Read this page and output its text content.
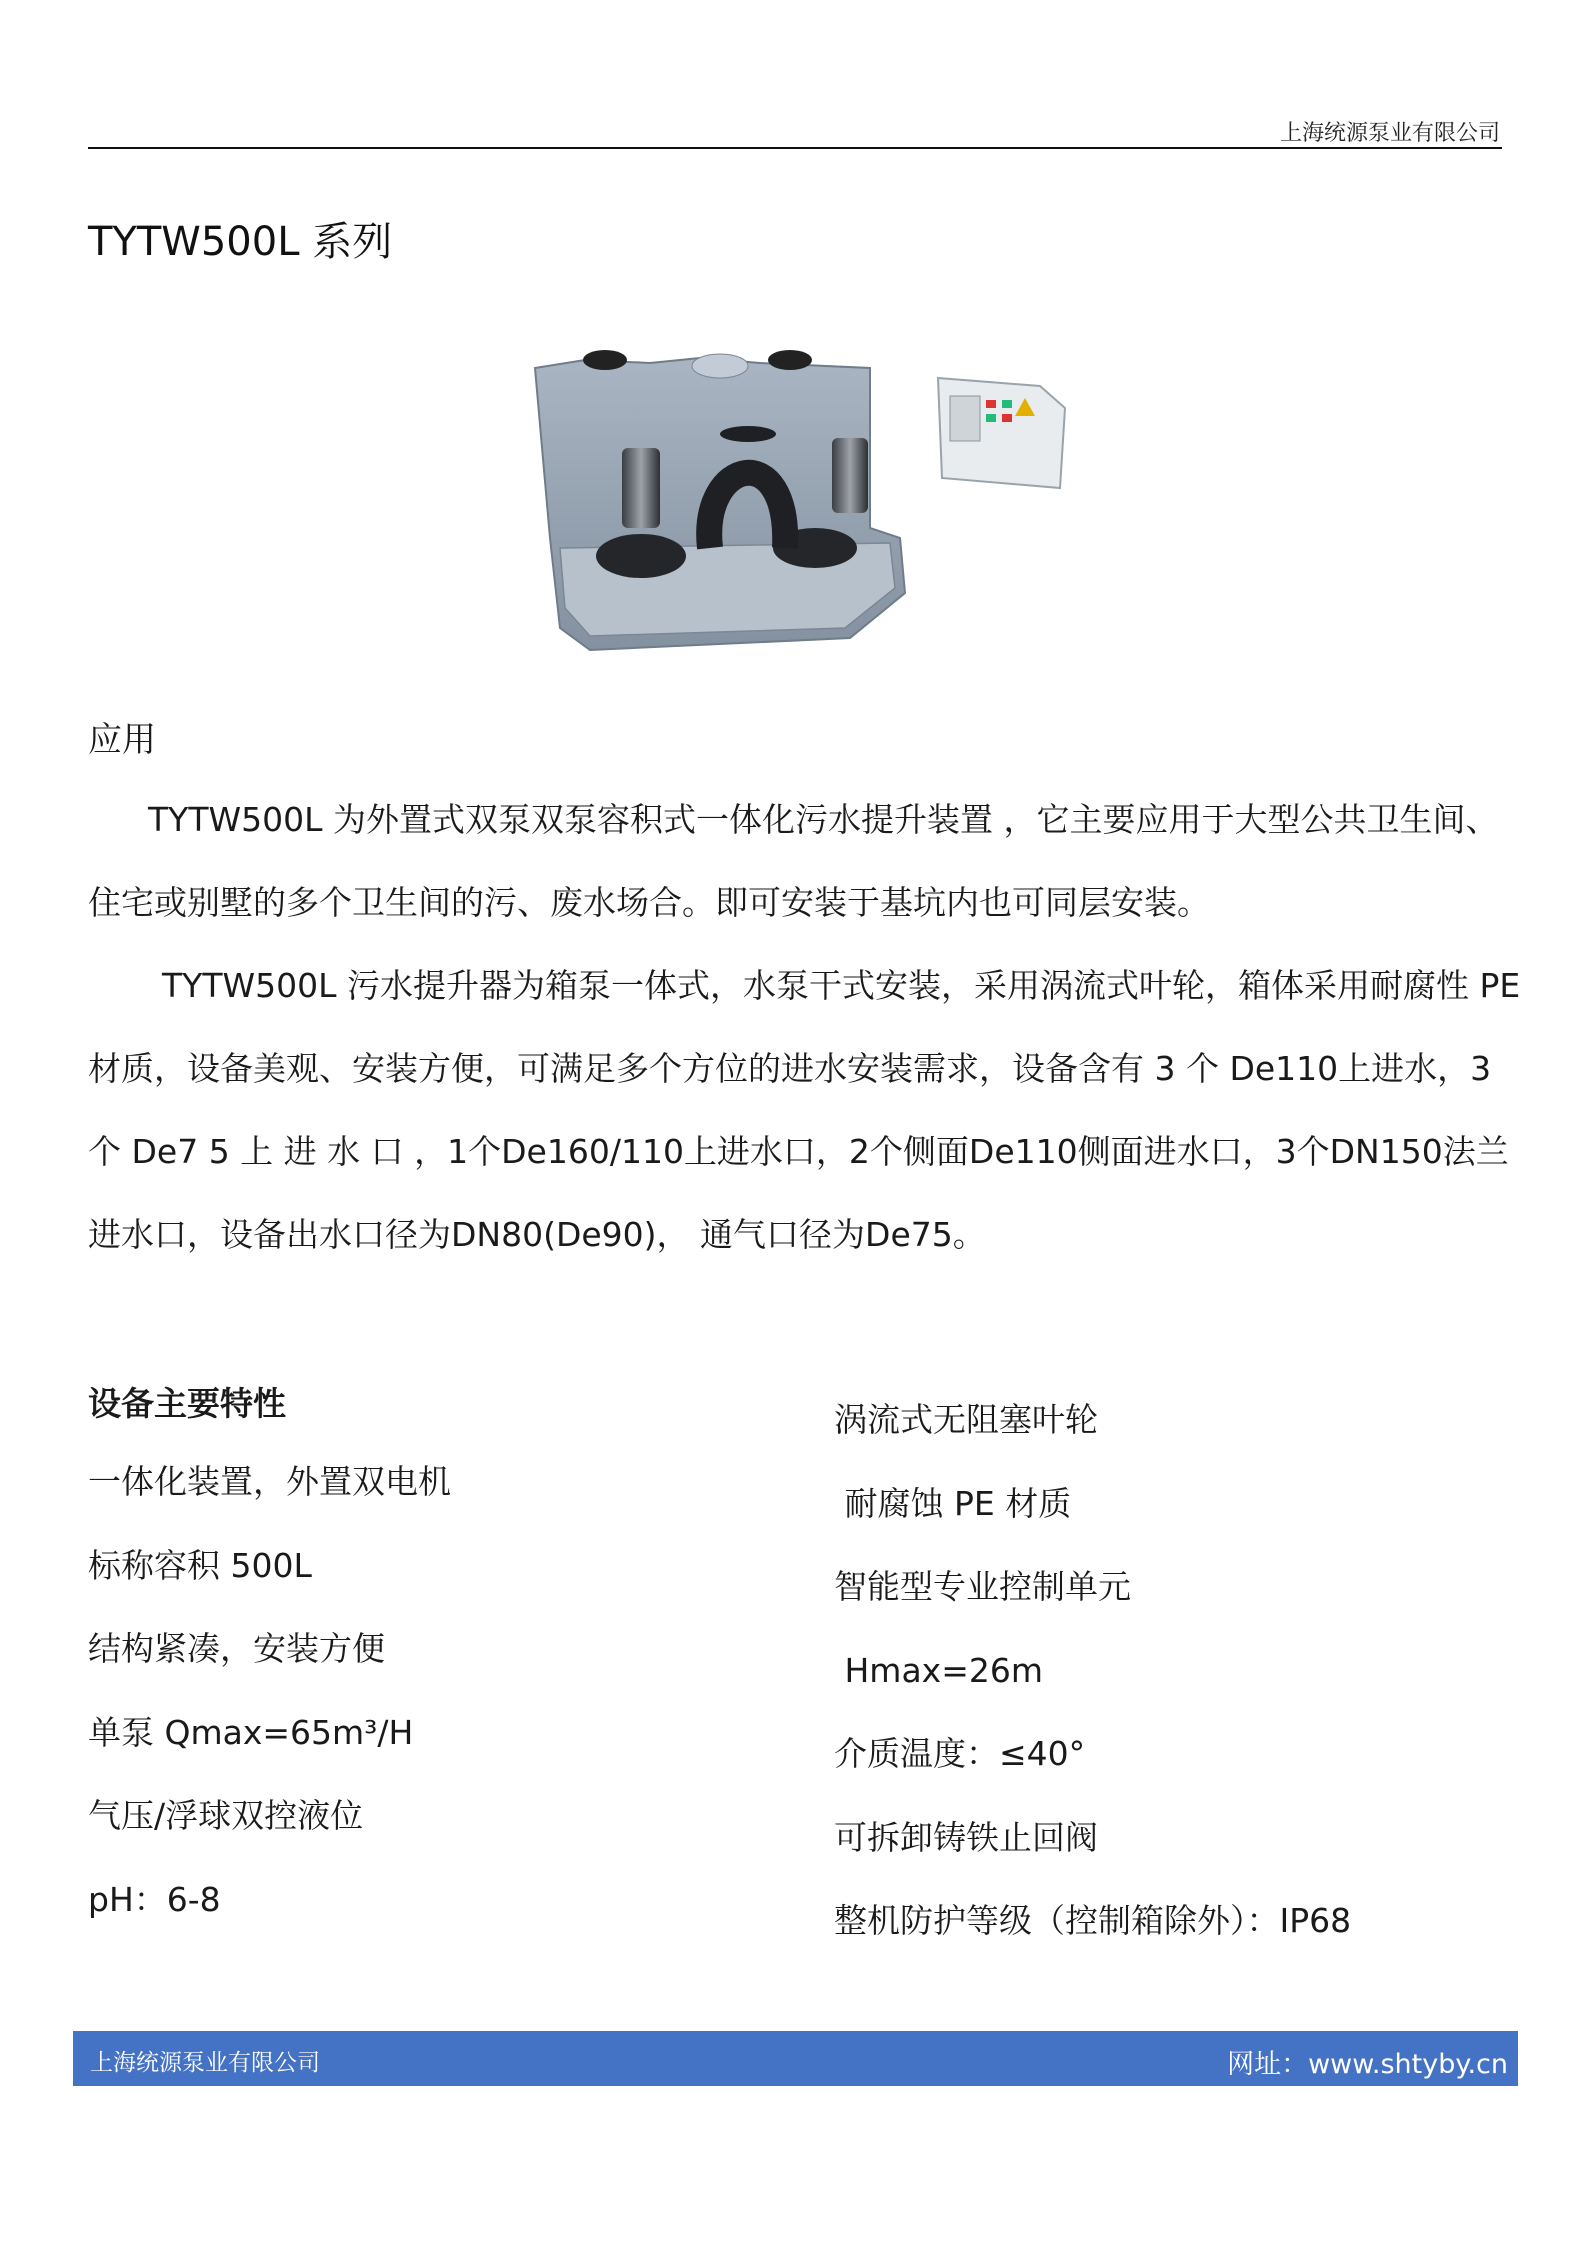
上海统源泵业有限公司
TYTW500L 系列
应用
TYTW500L 为外置式双泵双泵容积式一体化污水提升装置 ，它主要应用于大型公共卫生间、住宅或别墅的多个卫生间的污、废水场合。即可安装于基坑内也可同层安装。
TYTW500L 污水提升器为箱泵一体式，水泵干式安装，采用涡流式叶轮，箱体采用耐腐性 PE 材质，设备美观、安装方便，可满足多个方位的进水安装需求，设备含有 3 个 De110上进水，3 个 De7 5 上 进 水 口 ，1个De160/110上进水口，2个侧面De110侧面进水口，3个DN150法兰进水口，设备出水口径为DN80(De90)， 通气口径为De75。
设备主要特性
一体化装置，外置双电机
标称容积 500L
结构紧凑，安装方便
单泵 Qmax=65m³/H
气压/浮球双控液位
pH：6-8
涡流式无阻塞叶轮
耐腐蚀 PE 材质
智能型专业控制单元
Hmax=26m
介质温度：≤40°
可拆卸铸铁止回阀
整机防护等级（控制箱除外）：IP68
上海统源泵业有限公司	网址：www.shtyby.cn
